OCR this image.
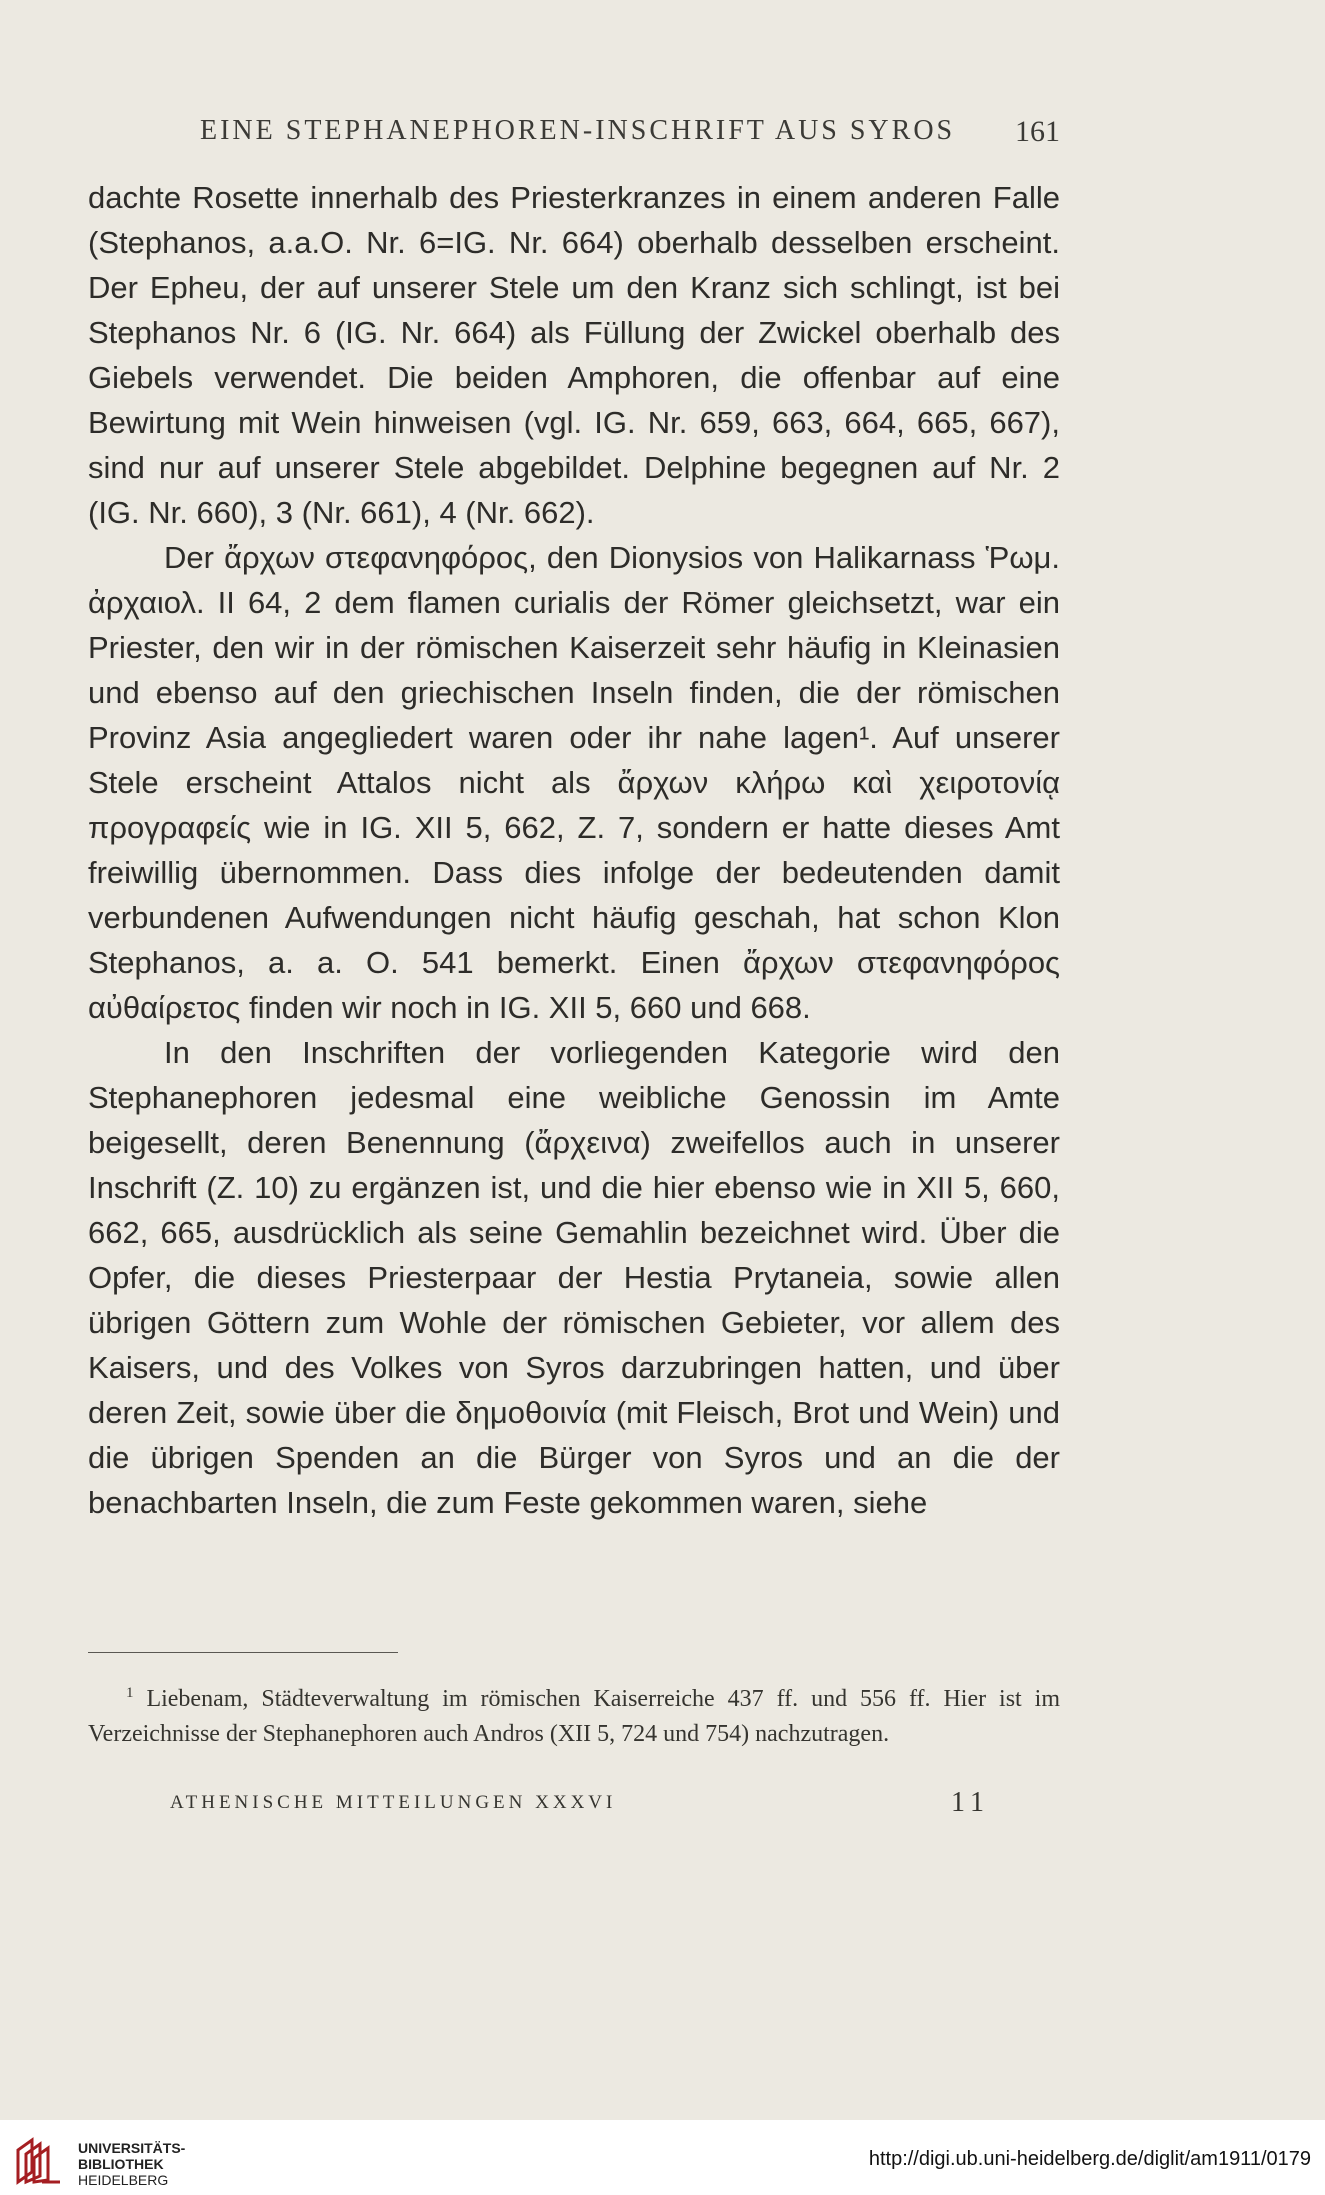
EINE STEPHANEPHOREN-INSCHRIFT AUS SYROS 161

dachte Rosette innerhalb des Priesterkranzes in einem anderen Falle (Stephanos, a.a.O. Nr. 6=IG. Nr. 664) oberhalb desselben erscheint. Der Epheu, der auf unserer Stele um den Kranz sich schlingt, ist bei Stephanos Nr. 6 (IG. Nr. 664) als Füllung der Zwickel oberhalb des Giebels verwendet. Die beiden Amphoren, die offenbar auf eine Bewirtung mit Wein hinweisen (vgl. IG. Nr. 659, 663, 664, 665, 667), sind nur auf unserer Stele abgebildet. Delphine begegnen auf Nr. 2 (IG. Nr. 660), 3 (Nr. 661), 4 (Nr. 662).

Der ἄρχων στεφανηφόρος, den Dionysios von Halikarnass Ῥωμ. ἀρχαιολ. II 64, 2 dem flamen curialis der Römer gleichsetzt, war ein Priester, den wir in der römischen Kaiserzeit sehr häufig in Kleinasien und ebenso auf den griechischen Inseln finden, die der römischen Provinz Asia angegliedert waren oder ihr nahe lagen¹. Auf unserer Stele erscheint Attalos nicht als ἄρχων κλήρω καὶ χειροτονίᾳ προγραφείς wie in IG. XII 5, 662, Z. 7, sondern er hatte dieses Amt freiwillig übernommen. Dass dies infolge der bedeutenden damit verbundenen Aufwendungen nicht häufig geschah, hat schon Klon Stephanos, a. a. O. 541 bemerkt. Einen ἄρχων στεφανηφόρος αὐθαίρετος finden wir noch in IG. XII 5, 660 und 668.

In den Inschriften der vorliegenden Kategorie wird den Stephanephoren jedesmal eine weibliche Genossin im Amte beigesellt, deren Benennung (ἄρχεινα) zweifellos auch in unserer Inschrift (Z. 10) zu ergänzen ist, und die hier ebenso wie in XII 5, 660, 662, 665, ausdrücklich als seine Gemahlin bezeichnet wird. Über die Opfer, die dieses Priesterpaar der Hestia Prytaneia, sowie allen übrigen Göttern zum Wohle der römischen Gebieter, vor allem des Kaisers, und des Volkes von Syros darzubringen hatten, und über deren Zeit, sowie über die δημοθοινία (mit Fleisch, Brot und Wein) und die übrigen Spenden an die Bürger von Syros und an die der benachbarten Inseln, die zum Feste gekommen waren, siehe

$^1$ Liebenam, Städteverwaltung im römischen Kaiserreiche 437 ff. und 556 ff. Hier ist im Verzeichnisse der Stephanephoren auch Andros (XII 5, 724 und 754) nachzutragen.
ATHENISCHE MITTEILUNGEN XXXVI	11
UNIVERSITÄTS-
BIBLIOTHEK
HEIDELBERG
http://digi.ub.uni-heidelberg.de/diglit/am1911/0179
